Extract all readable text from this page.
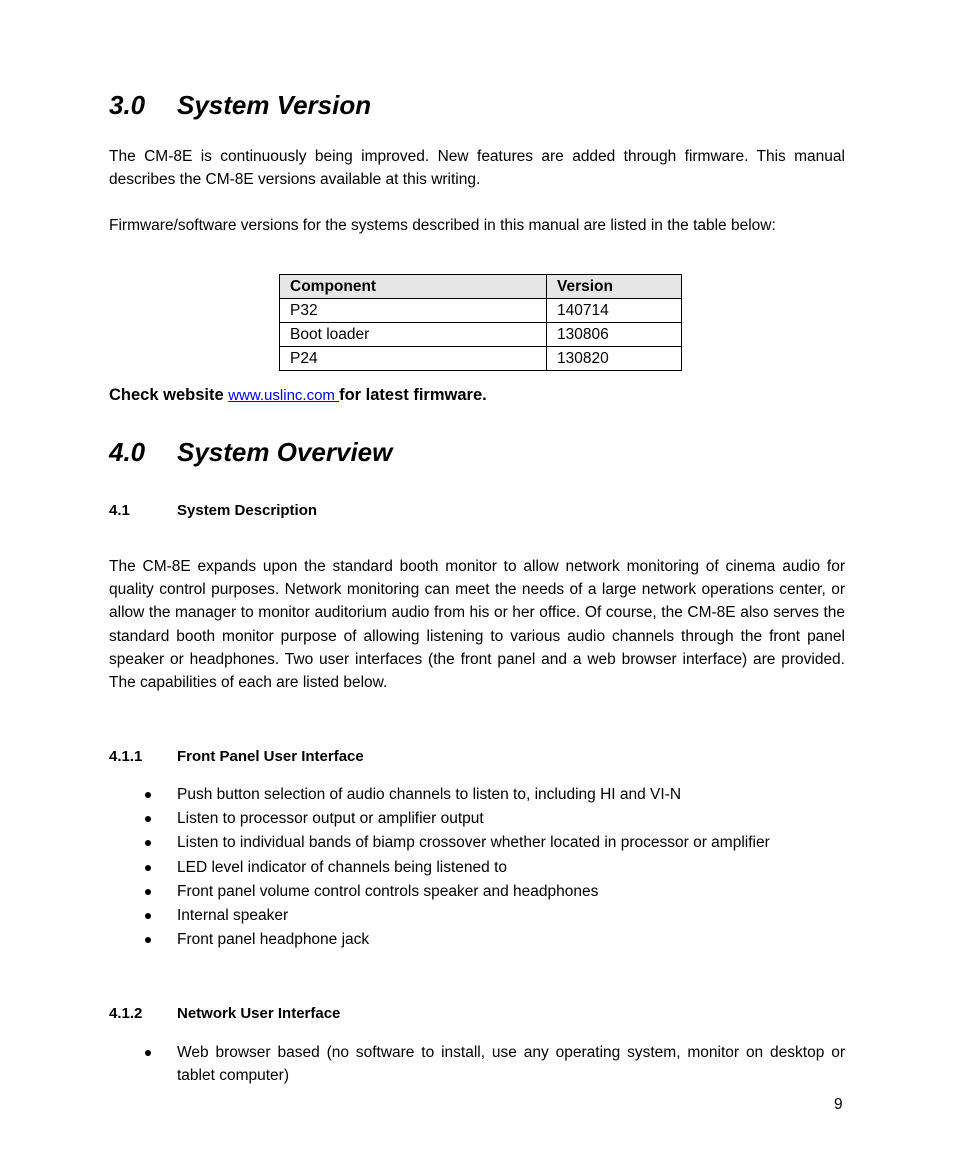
3.0 System Version

The CM-8E is continuously being improved. New features are added through firmware. This manual describes the CM-8E versions available at this writing.

Firmware/software versions for the systems described in this manual are listed in the table below:

Component	Version
P32	140714
Boot loader	130806
P24	130820
Check website www.uslinc.com for latest firmware.
4.0 System Overview
4.1	System Description

The CM-8E expands upon the standard booth monitor to allow network monitoring of cinema audio for quality control purposes. Network monitoring can meet the needs of a large network operations center, or allow the manager to monitor auditorium audio from his or her office. Of course, the CM-8E also serves the standard booth monitor purpose of allowing listening to various audio channels through the front panel speaker or headphones. Two user interfaces (the front panel and a web browser interface) are provided. The capabilities of each are listed below.

4.1.1 Front Panel User Interface
Push button selection of audio channels to listen to, including HI and VI-N
Listen to processor output or amplifier output
Listen to individual bands of biamp crossover whether located in processor or amplifier
LED level indicator of channels being listened to
Front panel volume control controls speaker and headphones
Internal speaker
Front panel headphone jack
4.1.2 Network User Interface
Web browser based (no software to install, use any operating system, monitor on desktop or tablet computer)
9
